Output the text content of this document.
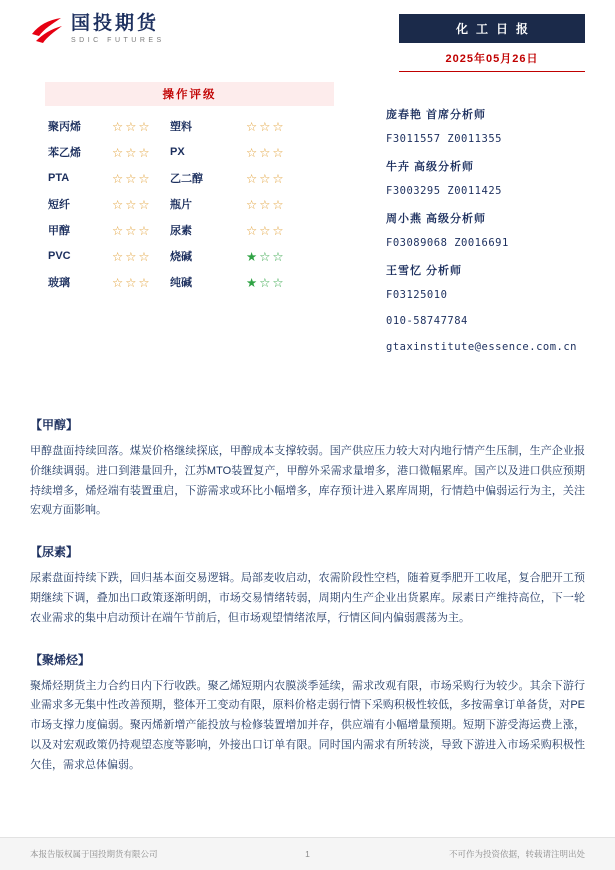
国投期货
SDIC FUTURES
化工日报
2025年05月26日
操作评级
聚丙烯	☆☆☆	塑料	☆☆☆
苯乙烯	☆☆☆	PX	☆☆☆
PTA	☆☆☆	乙二醇	☆☆☆
短纤	☆☆☆	瓶片	☆☆☆
甲醇	☆☆☆	尿素	☆☆☆
PVC	☆☆☆	烧碱	★☆☆
玻璃	☆☆☆	纯碱	★☆☆
庞春艳 首席分析师
F3011557 Z0011355
牛卉 高级分析师
F3003295 Z0011425
周小燕 高级分析师
F03089068 Z0016691
王雪忆 分析师
F03125010
010-58747784
gtaxinstitute@essence.com.cn
【甲醇】
甲醇盘面持续回落。煤炭价格继续探底，甲醇成本支撑较弱。国产供应压力较大对内地行情产生压制，生产企业报价继续调弱。进口到港量回升，江苏MTO装置复产，甲醇外采需求量增多，港口微幅累库。国产以及进口供应预期持续增多，烯烃端有装置重启，下游需求或环比小幅增多，库存预计进入累库周期，行情趋中偏弱运行为主，关注宏观方面影响。
【尿素】
尿素盘面持续下跌，回归基本面交易逻辑。局部麦收启动，农需阶段性空档，随着夏季肥开工收尾，复合肥开工预期继续下调，叠加出口政策逐渐明朗，市场交易情绪转弱，周期内生产企业出货累库。尿素日产维持高位，下一轮农业需求的集中启动预计在端午节前后，但市场观望情绪浓厚，行情区间内偏弱震荡为主。
【聚烯烃】
聚烯烃期货主力合约日内下行收跌。聚乙烯短期内农膜淡季延续，需求改观有限，市场采购行为较少。其余下游行业需求多无集中性改善预期，整体开工变动有限，原料价格走弱行情下采购积极性较低，多按需拿订单备货，对PE市场支撑力度偏弱。聚丙烯新增产能投放与检修装置增加并存，供应端有小幅增量预期。短期下游受海运费上涨，以及对宏观政策仍持观望态度等影响，外接出口订单有限。同时国内需求有所转淡，导致下游进入市场采购积极性欠佳，需求总体偏弱。
本报告版权属于国投期货有限公司	1	不可作为投资依据，转载请注明出处
